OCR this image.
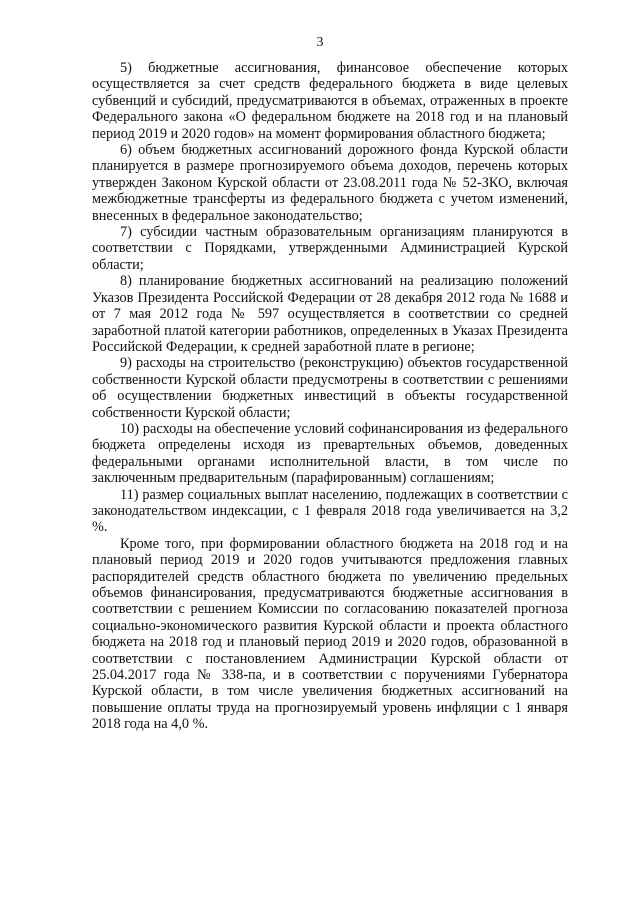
3

5) бюджетные ассигнования, финансовое обеспечение которых осуществляется за счет средств федерального бюджета в виде целевых субвенций и субсидий, предусматриваются в объемах, отраженных в проекте Федерального закона «О федеральном бюджете на 2018 год и на плановый период 2019 и 2020 годов» на момент формирования областного бюджета;

6) объем бюджетных ассигнований дорожного фонда Курской области планируется в размере прогнозируемого объема доходов, перечень которых утвержден Законом Курской области от 23.08.2011 года № 52-ЗКО, включая межбюджетные трансферты из федерального бюджета с учетом изменений, внесенных в федеральное законодательство;

7) субсидии частным образовательным организациям планируются в соответствии с Порядками, утвержденными Администрацией Курской области;

8) планирование бюджетных ассигнований на реализацию положений Указов Президента Российской Федерации от 28 декабря 2012 года № 1688 и от 7 мая 2012 года № 597 осуществляется в соответствии со средней заработной платой категории работников, определенных в Указах Президента Российской Федерации, к средней заработной плате в регионе;

9) расходы на строительство (реконструкцию) объектов государственной собственности Курской области предусмотрены в соответствии с решениями об осуществлении бюджетных инвестиций в объекты государственной собственности Курской области;

10) расходы на обеспечение условий софинансирования из федерального бюджета определены исходя из превартельных объемов, доведенных федеральными органами исполнительной власти, в том числе по заключенным предварительным (парафированным) соглашениям;

11) размер социальных выплат населению, подлежащих в соответствии с законодательством индексации, с 1 февраля 2018 года увеличивается на 3,2 %.

Кроме того, при формировании областного бюджета на 2018 год и на плановый период 2019 и 2020 годов учитываются предложения главных распорядителей средств областного бюджета по увеличению предельных объемов финансирования, предусматриваются бюджетные ассигнования в соответствии с решением Комиссии по согласованию показателей прогноза социально-экономического развития Курской области и проекта областного бюджета на 2018 год и плановый период 2019 и 2020 годов, образованной в соответствии с постановлением Администрации Курской области от 25.04.2017 года № 338-па, и в соответствии с поручениями Губернатора Курской области, в том числе увеличения бюджетных ассигнований на повышение оплаты труда на прогнозируемый уровень инфляции с 1 января 2018 года на 4,0 %.
